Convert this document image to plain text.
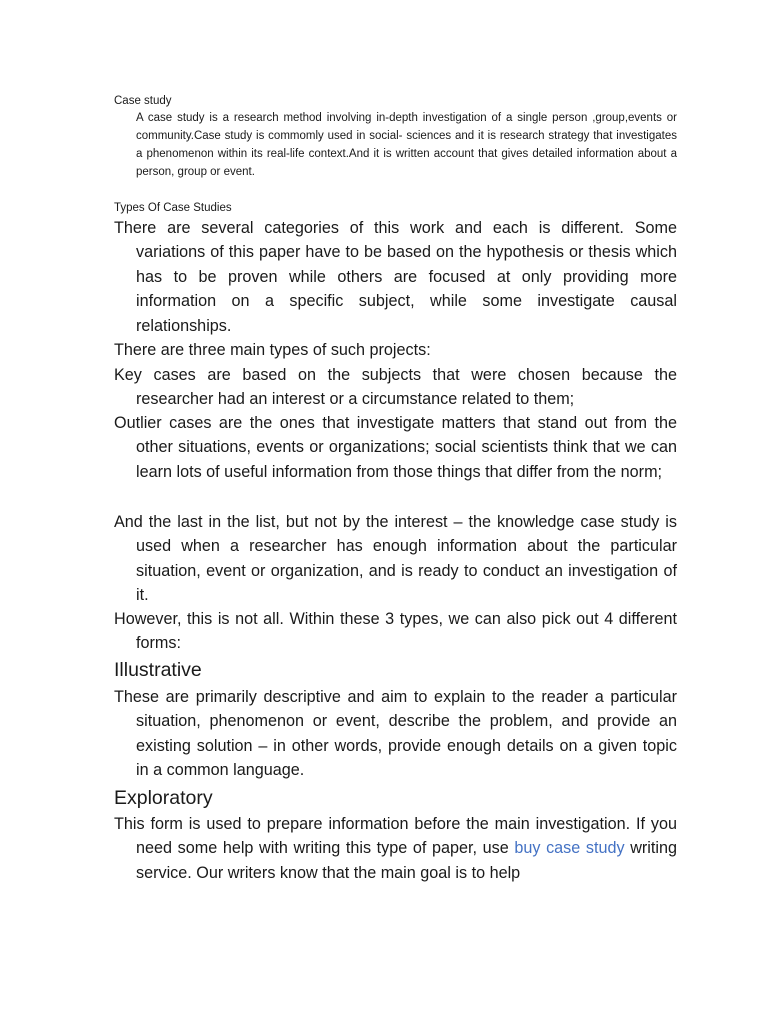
Case study
A case study is a research method involving in-depth investigation of a single person ,group,events or community.Case study is commomly used in social- sciences and it is research strategy that investigates a phenomenon within its real-life context.And it is written account that gives detailed information about a person, group or event.
Types Of Case Studies
There are several categories of this work and each is different. Some variations of this paper have to be based on the hypothesis or thesis which has to be proven while others are focused at only providing more information on a specific subject, while some investigate causal relationships.
There are three main types of such projects:
Key cases are based on the subjects that were chosen because the researcher had an interest or a circumstance related to them;
Outlier cases are the ones that investigate matters that stand out from the other situations, events or organizations; social scientists think that we can learn lots of useful information from those things that differ from the norm;
And the last in the list, but not by the interest – the knowledge case study is used when a researcher has enough information about the particular situation, event or organization, and is ready to conduct an investigation of it.
However, this is not all. Within these 3 types, we can also pick out 4 different forms:
Illustrative
These are primarily descriptive and aim to explain to the reader a particular situation, phenomenon or event, describe the problem, and provide an existing solution – in other words, provide enough details on a given topic in a common language.
Exploratory
This form is used to prepare information before the main investigation. If you need some help with writing this type of paper, use buy case study writing service. Our writers know that the main goal is to help
